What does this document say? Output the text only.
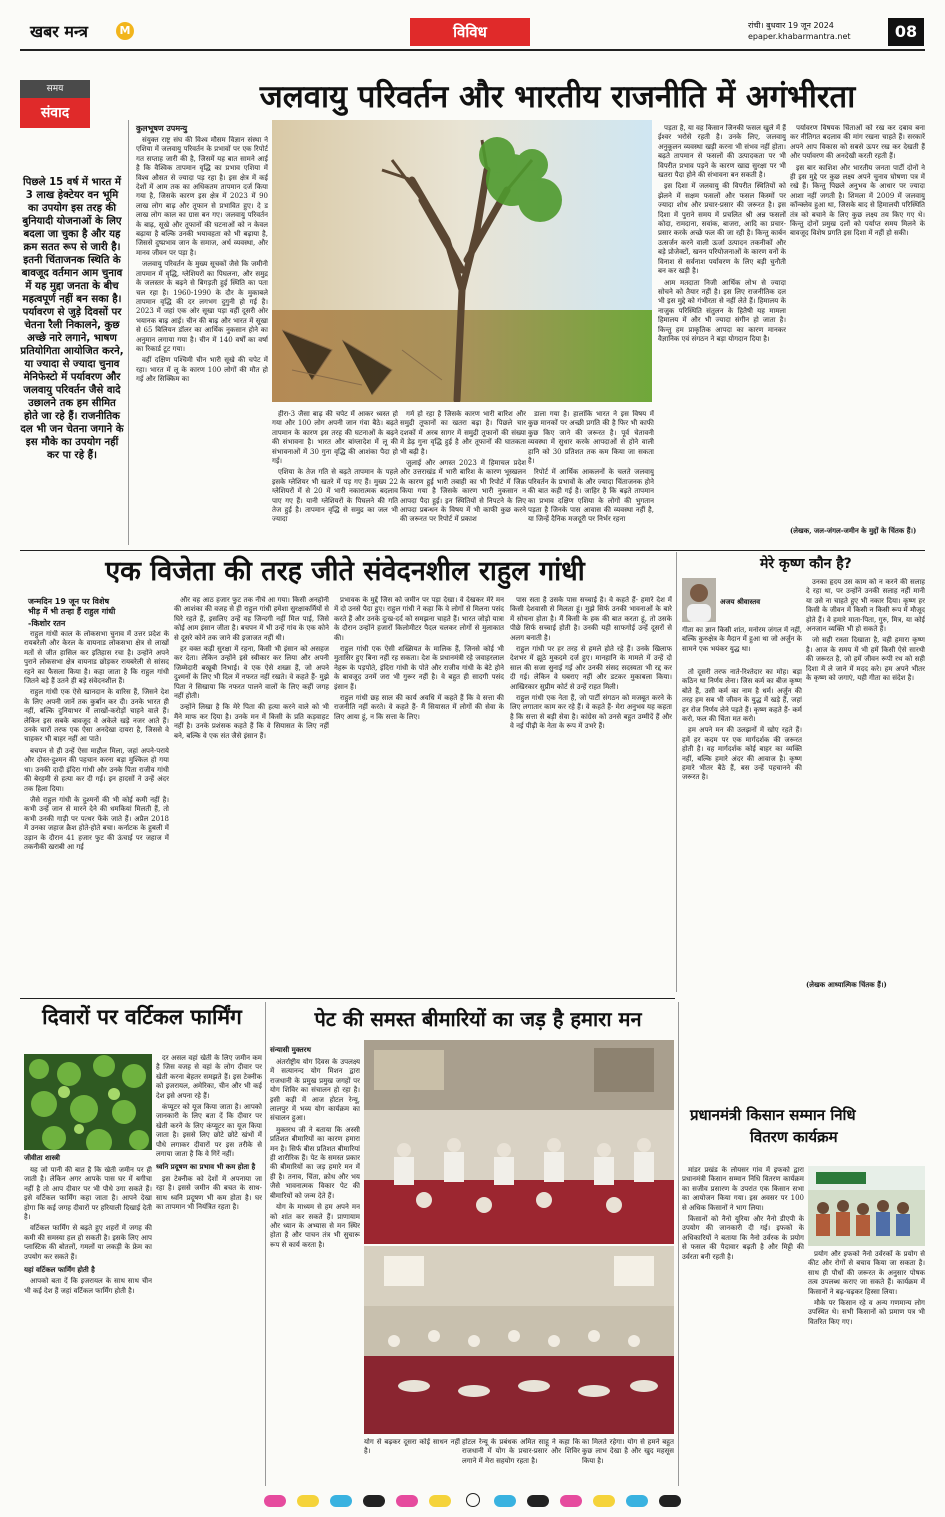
खबर मन्त्र	M	विविध	रांची। बुधवार 19 जून 2024
epaper.khabarmantra.net	08
समय
संवाद	जलवायु परिवर्तन और भारतीय राजनीति में अगंभीरता
पिछले 15 वर्ष में भारत में 3 लाख हेक्टेयर वन भूमि का उपयोग इस तरह की बुनियादी योजनाओं के लिए बदला जा चुका है और यह क्रम सतत रूप से जारी है। इतनी चिंताजनक स्थिति के बावजूद वर्तमान आम चुनाव में यह मुद्दा जनता के बीच महत्वपूर्ण नहीं बन सका है। पर्यावरण से जुड़े दिवसों पर चेतना रैली निकालने, कुछ अच्छे नारे लगाने, भाषण प्रतियोगिता आयोजित करने, या ज्यादा से ज्यादा चुनाव मेनिफेस्टो में पर्यावरण और जलवायु परिवर्तन जैसे वादे उछालने तक हम सीमित होते जा रहे हैं। राजनीतिक दल भी जन चेतना जगाने के इस मौके का उपयोग नहीं कर पा रहे हैं।
कुलभूषण उपमन्यु

संयुक्त राष्ट्र संघ की विश्व मौसम विज्ञान संस्था ने एशिया में जलवायु परिवर्तन के प्रभावों पर एक रिपोर्ट गत सप्ताह जारी की है, जिसमें यह बात सामने आई है कि वैश्विक तापमान वृद्धि का प्रभाव एशिया में विश्व औसत से ज्यादा पड़ रहा है। इस क्षेत्र में कई देशों में आम तक का अधिकतम तापमान दर्ज किया गया है, जिसके कारण इस क्षेत्र में 2023 में 90 लाख लोग बाढ़ और तूफान से प्रभावित हुए। दे ड लाख लोग काल का ग्रास बन गए। जलवायु परिवर्तन के बाढ़, सूखे और तूफानों की घटनाओं को न केवल बढ़ाया है बल्कि उनकी भयावहता को भी बढ़ाया है, जिससे दुष्प्रभाव जान के समाज, अर्थ व्यवस्था, और मानव जीवन पर पड़ा है।

जलवायु परिवर्तन के मुख्य सूचकों जैसे कि जमीनी तापमान में वृद्धि, ग्लेशियरों का पिघलना, और समुद्र के जलस्तर के बढ़ने से बिगड़ती हुई स्थिति का पता चल रहा है। 1960-1990 के दौर के मुकाबले तापमान वृद्धि की दर लगभग दुगुनी हो गई है। 2023 में जहां एक ओर सूखा पड़ा वहीं दूसरी ओर भयानक बाढ़ आई। चीन की बाढ़ और भारत में सूखा से 65 बिलियन डॉलर का आर्थिक नुकसान होने का अनुमान लगाया गया है। चीन में 140 वर्षों का वर्षा का रिकार्ड टूट गया।

वहीं दक्षिण पश्चिमी चीन भारी सूखे की चपेट में रहा। भारत में लू के कारण 100 लोगों की मौत हो गई और सिक्किम का

हीरा-3 जैसा बाढ़ की चपेट में आकर ध्वस्त हो गया और 100 लोग अपनी जान गंवा बैठे। बढ़ते तापमान के कारण इस तरह की घटनाओं के बढ़ने की संभावना है। भारत और बांग्लादेश में लू की संभावनाओं में 30 गुना वृद्धि की आशंका पैदा हो गई।

एशिया के तेज गति से बढ़ते तापमान के पहले इसके ग्लेशियर भी खतरे में पड़ गए हैं। मुख्य 22 ग्लेशियरों में से 20 में भारी नकारात्मक बदलाव पाए गए हैं। यानी ग्लेशियरों के पिघलने की गति तेज हुई है। तापमान वृद्धि से समुद्र का जल भी ज्यादा

गर्म हो रहा है जिसके कारण भारी बारिश और समुद्री तूफानों का खतरा बढ़ा है। पिछले चार दशकों में अरब सागर में समुद्री तूफानों की संख्या में डेढ़ गुना वृद्धि हुई है और तूफानों की घातकता भी बढ़ी है।

जुलाई और अगस्त 2023 में हिमाचल प्रदेश और उत्तराखंड में भारी बारिश के कारण भूस्खलन के कारण हुई भारी तबाही का भी रिपोर्ट में जिक्र किया गया है जिसके कारण भारी नुकसान न आपदा पैदा हुई। इन स्थितियों से निपटने के लिए आपदा प्रबन्धन के विषय में भी काफी कुछ करने की जरूरत पर रिपोर्ट में प्रकाश

डाला गया है। हालांकि भारत ने इस विषय में कुछ मानकों पर अच्छी प्रगति की है फिर भी काफी कुछ किए जाने की जरूरत है। पूर्व चेतावनी व्यवस्था में सुधार करके आपदाओं से होने वाली हानि को 30 प्रतिशत तक कम किया जा सकता है।

रिपोर्ट में आर्थिक आकलनों के चलते जलवायु परिवर्तन के प्रभावों के और ज्यादा चिंताजनक होने की बात कही गई है। जाहिर है कि बढ़ते तापमान का प्रभाव दक्षिण एशिया के लोगों की भुगतान पड़ता है जिनके पास आवास की व्यवस्था नहीं है, या जिन्हें दैनिक मजदूरी पर निर्भर रहना

पड़ता है, या वह किसान जिनकी फसल खुले में हैं ईश्वर भरोसे रहती है। उनके लिए, जलवायु अनुकूलन व्यवस्था खड़ी करना भी संभव नहीं होता। बढ़ते तापमान से फसलों की उत्पादकता पर भी विपरीत प्रभाव पड़ने के कारण खाद्य सुरक्षा पर भी खतरा पैदा होने की संभावना बन सकती है।

इस दिशा में जलवायु की विपरीत स्थितियों को झेलने में सक्षम फसलों और फसल किस्मों पर ज्यादा शोध और प्रचार-प्रसार की जरूरत है। इस दिशा में पुराने समय में प्रचलित श्री अन्न फसलों कोदा, रामदाना, सवांक, बाजरा, आदि का प्रचार-प्रसार करके अच्छे फल की जा रही है। किन्तु कार्बन उत्सर्जन करने वाली ऊर्जा उत्पादन तकनीकों और बड़े प्रोजेक्टों, खनन परियोजनाओं के कारण वनों के विनाश से सर्वनाश पर्यावरण के लिए बड़ी चुनौती बन कर खड़ी है।

आम मतदाता निजी आर्थिक लोभ से ज्यादा सोचने को तैयार नहीं है। इस लिए राजनीतिक दल भी इस मुद्दे को गंभीरता से नहीं लेते हैं। हिमालय के नाजुक परिस्थिति संतुलन के हितैषी यह मामला हिमालय में और भी ज्यादा संगीन हो जाता है। किन्तु हम प्राकृतिक आपदा का कारण मानकर वैज्ञानिक एवं संगठन ने बड़ा योगदान दिया है।

पर्यावरण विषयक चिंताओं को रख कर दबाव बना कर नीतिगत बदलाव की मांग रखना चाहते हैं। सरकारें अपने आप विकास को सबसे ऊपर रख कर देखती हैं और पर्यावरण की अनदेखी करती रहती हैं।

इस बार काशिश और भारतीय जनता पार्टी दोनों ने ही इस मुद्दे पर कुछ लक्ष्य अपने चुनाव घोषणा पत्र में रखे हैं। किन्तु पिछले अनुभव के आधार पर ज्यादा आशा नहीं जगती है। शिमला में 2009 में जलवायु कॉन्क्लेव हुआ था, जिसके बाद से हिमालयी परिस्थिति तंत्र को बचाने के लिए कुछ लक्ष्य तय किए गए थे। किन्तु दोनों प्रमुख दलों को पर्याप्त समय मिलने के बावजूद विशेष प्रगति इस दिशा में नहीं हो सकी।

(लेखक, जल-जंगल-जमीन के मुद्दों के चिंतक हैं।)
एक विजेता की तरह जीते संवेदनशील राहुल गांधी
जन्मदिन 19 जून पर विशेष
भीड़ में भी तन्हा हैं राहुल गांधी
-किशोर रतन

राहुल गांधी काल के लोकसभा चुनाव में उत्तर प्रदेश के रायबरेली और केरल के वायनाड लोकसभा क्षेत्र से लाखों मतों से जीत हासिल कर इतिहास रचा है। उन्होंने अपने पुराने लोकसभा क्षेत्र वायनाड छोड़कर रायबरेली से सांसद रहने का फैसला किया है। कहा जाता है कि राहुल गांधी जितने बड़े हैं उतने ही बड़े संवेदनशील हैं।

राहुल गांधी एक ऐसे खानदान के वारिस हैं, जिसने देश के लिए अपनी जानें तक कुर्बान कर दी। उनके भारत ही नहीं, बल्कि दुनियाभर में लाखों-करोड़ों चाहने वाले हैं। लेकिन इस सबके बावजूद वे अकेले खड़े नजर आते हैं। उनके चारों तरफ एक ऐसा अनदेखा दायरा है, जिससे वे चाहकर भी बाहर नहीं आ पाते।

बचपन से ही उन्हें ऐसा माहौल मिला, जहां अपने-पराये और दोस्त-दुश्मन की पहचान करना बड़ा मुश्किल हो गया था। उनकी दादी इंदिरा गांधी और उनके पिता राजीव गांधी की बेरहमी से हत्या कर दी गई। इन हादसों ने उन्हें अंदर तक हिला दिया।

जैसे राहुल गांधी के दुश्मनों की भी कोई कमी नहीं है। कभी उन्हें जान से मारने देने की धमकियां मिलती हैं, तो कभी उनकी गाड़ी पर पत्थर फेंके जाते हैं। अप्रैल 2018 में उनका जहाज क्रैश होते-होते बचा। कर्नाटक के हुबली में उड़ान के दौरान 41 हजार फुट की ऊंचाई पर जहाज में तकनीकी खराबी आ गई

और वह आठ हजार फुट तक नीचे आ गया। किसी अनहोनी की आशंका की वजह से ही राहुल गांधी हमेशा सुरक्षाकर्मियों से घिरे रहते हैं, इसलिए उन्हें वह जिन्दगी नहीं मिल पाई, जिसे कोई आम इंसान जीता है। बचपन में भी उन्हें गांव के एक कोने से दूसरे कोने तक जाने की इजाजत नहीं थी।

हर वक्त कड़ी सुरक्षा में रहना, किसी भी इंसान को असहज कर देता। लेकिन उन्होंने इसे स्वीकार कर लिया और अपनी जिम्मेदारी बखूबी निभाई। वे एक ऐसे शख्स हैं, जो अपने दुश्मनों के लिए भी दिल में नफरत नहीं रखते। वे कहते हैं- मुझे पिता ने सिखाया कि नफरत पालने वालों के लिए कहीं जगह नहीं होती।

उन्होंने लिखा है कि मेरे पिता की हत्या करने वाले को भी मैंने माफ कर दिया है। उनके मन में किसी के प्रति कड़वाहट नहीं है। उनके प्रशंसक कहते हैं कि वे सियासत के लिए नहीं बने, बल्कि वे एक संत जैसे इंसान हैं।

प्रभावक के मुद्दें जिस को जमीन पर पड़ा देखा। वे देखकर मेरे मन में दो उनसे पैदा हुए। राहुल गांधी ने कहा कि वे लोगों से मिलना पसंद करते हैं और उनके दुःख-दर्द को समझना चाहते हैं। भारत जोड़ो यात्रा के दौरान उन्होंने हजारों किलोमीटर पैदल चलकर लोगों से मुलाकात की।

राहुल गांधी एक ऐसी शख्सियत के मालिक हैं, जिनसे कोई भी मुतासिर हुए बिना नहीं रह सकता। देश के प्रधानमंत्री रहे जवाहरलाल नेहरू के पड़पोते, इंदिरा गांधी के पोते और राजीव गांधी के बेटे होने के बावजूद उनमें जरा भी गुरूर नहीं है। वे बहुत ही सादगी पसंद इंसान हैं।

राहुल गांधी छह साल की कार्य अवधि में कहते हैं कि वे सत्ता की राजनीति नहीं करते। वे कहते हैं- मैं सियासत में लोगों की सेवा के लिए आया हूं, न कि सत्ता के लिए।

पास सता है उसके पास सच्चाई है। वे कहते हैं- हमारे देश में किसी देशवासी से मिलता हूं। मुझे सिर्फ उनकी भावनाओं के बारे में सोचना होता है। मैं किसी के हक की बात करता हूं, तो उसके पीछे सिर्फ सच्चाई होती है। उनकी यही साफगोई उन्हें दूसरों से अलग बनाती है।

राहुल गांधी पर हर तरह से हमले होते रहे हैं। उनके खिलाफ देशभर में झूठे मुकदमे दर्ज हुए। मानहानि के मामले में उन्हें दो साल की सजा सुनाई गई और उनकी संसद सदस्यता भी रद्द कर दी गई। लेकिन वे घबराए नहीं और डटकर मुकाबला किया। आखिरकार सुप्रीम कोर्ट से उन्हें राहत मिली।

राहुल गांधी एक नेता हैं, जो पार्टी संगठन को मजबूत करने के लिए लगातार काम कर रहे हैं। वे कहते हैं- मेरा अनुभव यह कहता है कि सत्ता से बड़ी सेवा है। कांग्रेस को उनसे बहुत उम्मीदें हैं और वे नई पीढ़ी के नेता के रूप में उभरे हैं।

मेरे कृष्ण कौन है?
अजय श्रीवास्तव
गीता का ज्ञान किसी शांत, मनोरम जंगल में नहीं, बल्कि कुरुक्षेत्र के मैदान में हुआ था जो अर्जुन के सामने एक भयंकर युद्ध था।

तो दूसरी तरफ नाते-रिश्तेदार का मोह। बड़ा कठिन था निर्णय लेना। जिस कर्म का बीज कृष्ण बोते हैं, उसी कर्म का नाम है धर्म। अर्जुन की तरह हम सब भी जीवन के युद्ध में खड़े हैं, जहां हर रोज निर्णय लेने पड़ते हैं। कृष्ण कहते हैं- कर्म करो, फल की चिंता मत करो।

हम अपने मन की उलझनों में खोए रहते हैं। हमें हर कदम पर एक मार्गदर्शक की जरूरत होती है। वह मार्गदर्शक कोई बाहर का व्यक्ति नहीं, बल्कि हमारे अंदर की आवाज है। कृष्ण हमारे भीतर बैठे हैं, बस उन्हें पहचानने की जरूरत है।

उनका हृदय उस काम को न करने की सलाह दे रहा था, पर उन्होंने उनकी सलाह नहीं मानी या उसे ना चाहते हुए भी नकार दिया। कृष्ण हर किसी के जीवन में किसी न किसी रूप में मौजूद होते हैं। वे हमारे माता-पिता, गुरु, मित्र, या कोई अनजान व्यक्ति भी हो सकते हैं।

जो सही रास्ता दिखाता है, वही हमारा कृष्ण है। आज के समय में भी हमें किसी ऐसे सारथी की जरूरत है, जो हमें जीवन रूपी रथ को सही दिशा में ले जाने में मदद करे। हम अपने भीतर के कृष्ण को जगाएं, यही गीता का संदेश है।

(लेखक आध्यात्मिक चिंतक हैं।)
दिवारों पर वर्टिकल फार्मिंग
जीवीता शास्त्री

यह जो पानी की बात है कि खेती जमीन पर ही जाती है। लेकिन अगर आपके पास घर में बगीचा नहीं है तो आप दीवार पर भी पौधे उगा सकते हैं। इसे वर्टिकल फार्मिंग कहा जाता है। आपने देखा होगा कि कई जगह दीवारों पर हरियाली दिखाई देती है।

वर्टिकल फार्मिंग से बढ़ते हुए शहरों में जगह की कमी की समस्या हल हो सकती है। इसके लिए आप प्लास्टिक की बोतलों, गमलों या लकड़ी के फ्रेम का उपयोग कर सकते हैं।

यहां वर्टिकल फार्मिंग होती है

आपको बता दें कि इजरायल के साथ साथ चीन भी कई देश हैं जहां वर्टिकल फार्मिंग होती है।

दर असल वहां खेती के लिए जमीन कम है जिस वजह से वहां के लोग दीवार पर खेती करना बेहतर समझते हैं। इस टेक्नीक को इजरायल, अमेरिका, चीन और भी कई देश इसे अपना रहे हैं।

कंप्यूटर को यूज किया जाता है। आपको जानकारी के लिए बता दें कि दीवार पर खेती करने के लिए कंप्यूटर का यूज किया जाता है। इससे लिए छोटे छोटे खंभों में पौधे लगाकर दीवारों पर इस तरीके से लगाया जाता है कि वे गिरें नहीं।

ध्वनि प्रदूषण का प्रभाव भी कम होता है

इस टेक्नीक को देशों में अपनाया जा रहा है। इससे जमीन की बचत के साथ-साथ ध्वनि प्रदूषण भी कम होता है। घर का तापमान भी नियंत्रित रहता है।

पेट की समस्त बीमारियों का जड़ है हमारा मन
संन्यासी मुक्तरथ

अंतर्राष्ट्रीय योग दिवस के उपलक्ष्य में सत्यानन्द योग मिशन द्वारा राजधानी के प्रमुख प्रमुख जगहों पर योग शिविर का संचालन हो रहा है। इसी कड़ी में आज होटल रेन्यू, लालपुर में भव्य योग कार्यक्रम का संचालन हुआ।

मुक्तरथ जी ने बताया कि अस्सी प्रतिशत बीमारियों का कारण हमारा मन है। सिर्फ बीस प्रतिशत बीमारियां ही शारीरिक हैं। पेट के समस्त प्रकार की बीमारियों का जड़ हमारे मन में ही है। तनाव, चिंता, क्रोध और भय जैसे भावनात्मक विकार पेट की बीमारियों को जन्म देते हैं।

योग के माध्यम से हम अपने मन को शांत कर सकते हैं। प्राणायाम और ध्यान के अभ्यास से मन स्थिर होता है और पाचन तंत्र भी सुचारू रूप से कार्य करता है।

योग से बढ़कर दूसरा कोई साधन नहीं है।
होटल रेन्यू के प्रबंधक अमित साहू ने कहा कि राजधानी में योग के प्रचार-प्रसार और शिविर लगाने में मेरा सहयोग रहता है।
का मिलते रहेगा। योग से हमने बहुत कुछ लाभ देखा है और खुद महसूस किया है।
प्रधानमंत्री किसान सम्मान निधि
वितरण कार्यक्रम

मांडर प्रखंड के लोयसर गांव में इफको द्वारा प्रधानमंत्री किसान सम्मान निधि वितरण कार्यक्रम का सजीव प्रसारण के उपरांत एक किसान सभा का आयोजन किया गया। इस अवसर पर 100 से अधिक किसानों ने भाग लिया।

किसानों को नैनो यूरिया और नैनो डीएपी के उपयोग की जानकारी दी गई। इफको के अधिकारियों ने बताया कि नैनो उर्वरक के प्रयोग से फसल की पैदावार बढ़ती है और मिट्टी की उर्वरता बनी रहती है।	प्रयोग और इफको नैनो उर्वरकों के प्रयोग से कीट और रोगों से बचाव किया जा सकता है। साथ ही पौधों की जरूरत के अनुसार पोषक तत्व उपलब्ध कराए जा सकते हैं। कार्यक्रम में किसानों ने बढ़-चढ़कर हिस्सा लिया।

मौके पर किसान रहे व अन्य गणमान्य लोग उपस्थित थे। सभी किसानों को प्रमाण पत्र भी वितरित किए गए।
